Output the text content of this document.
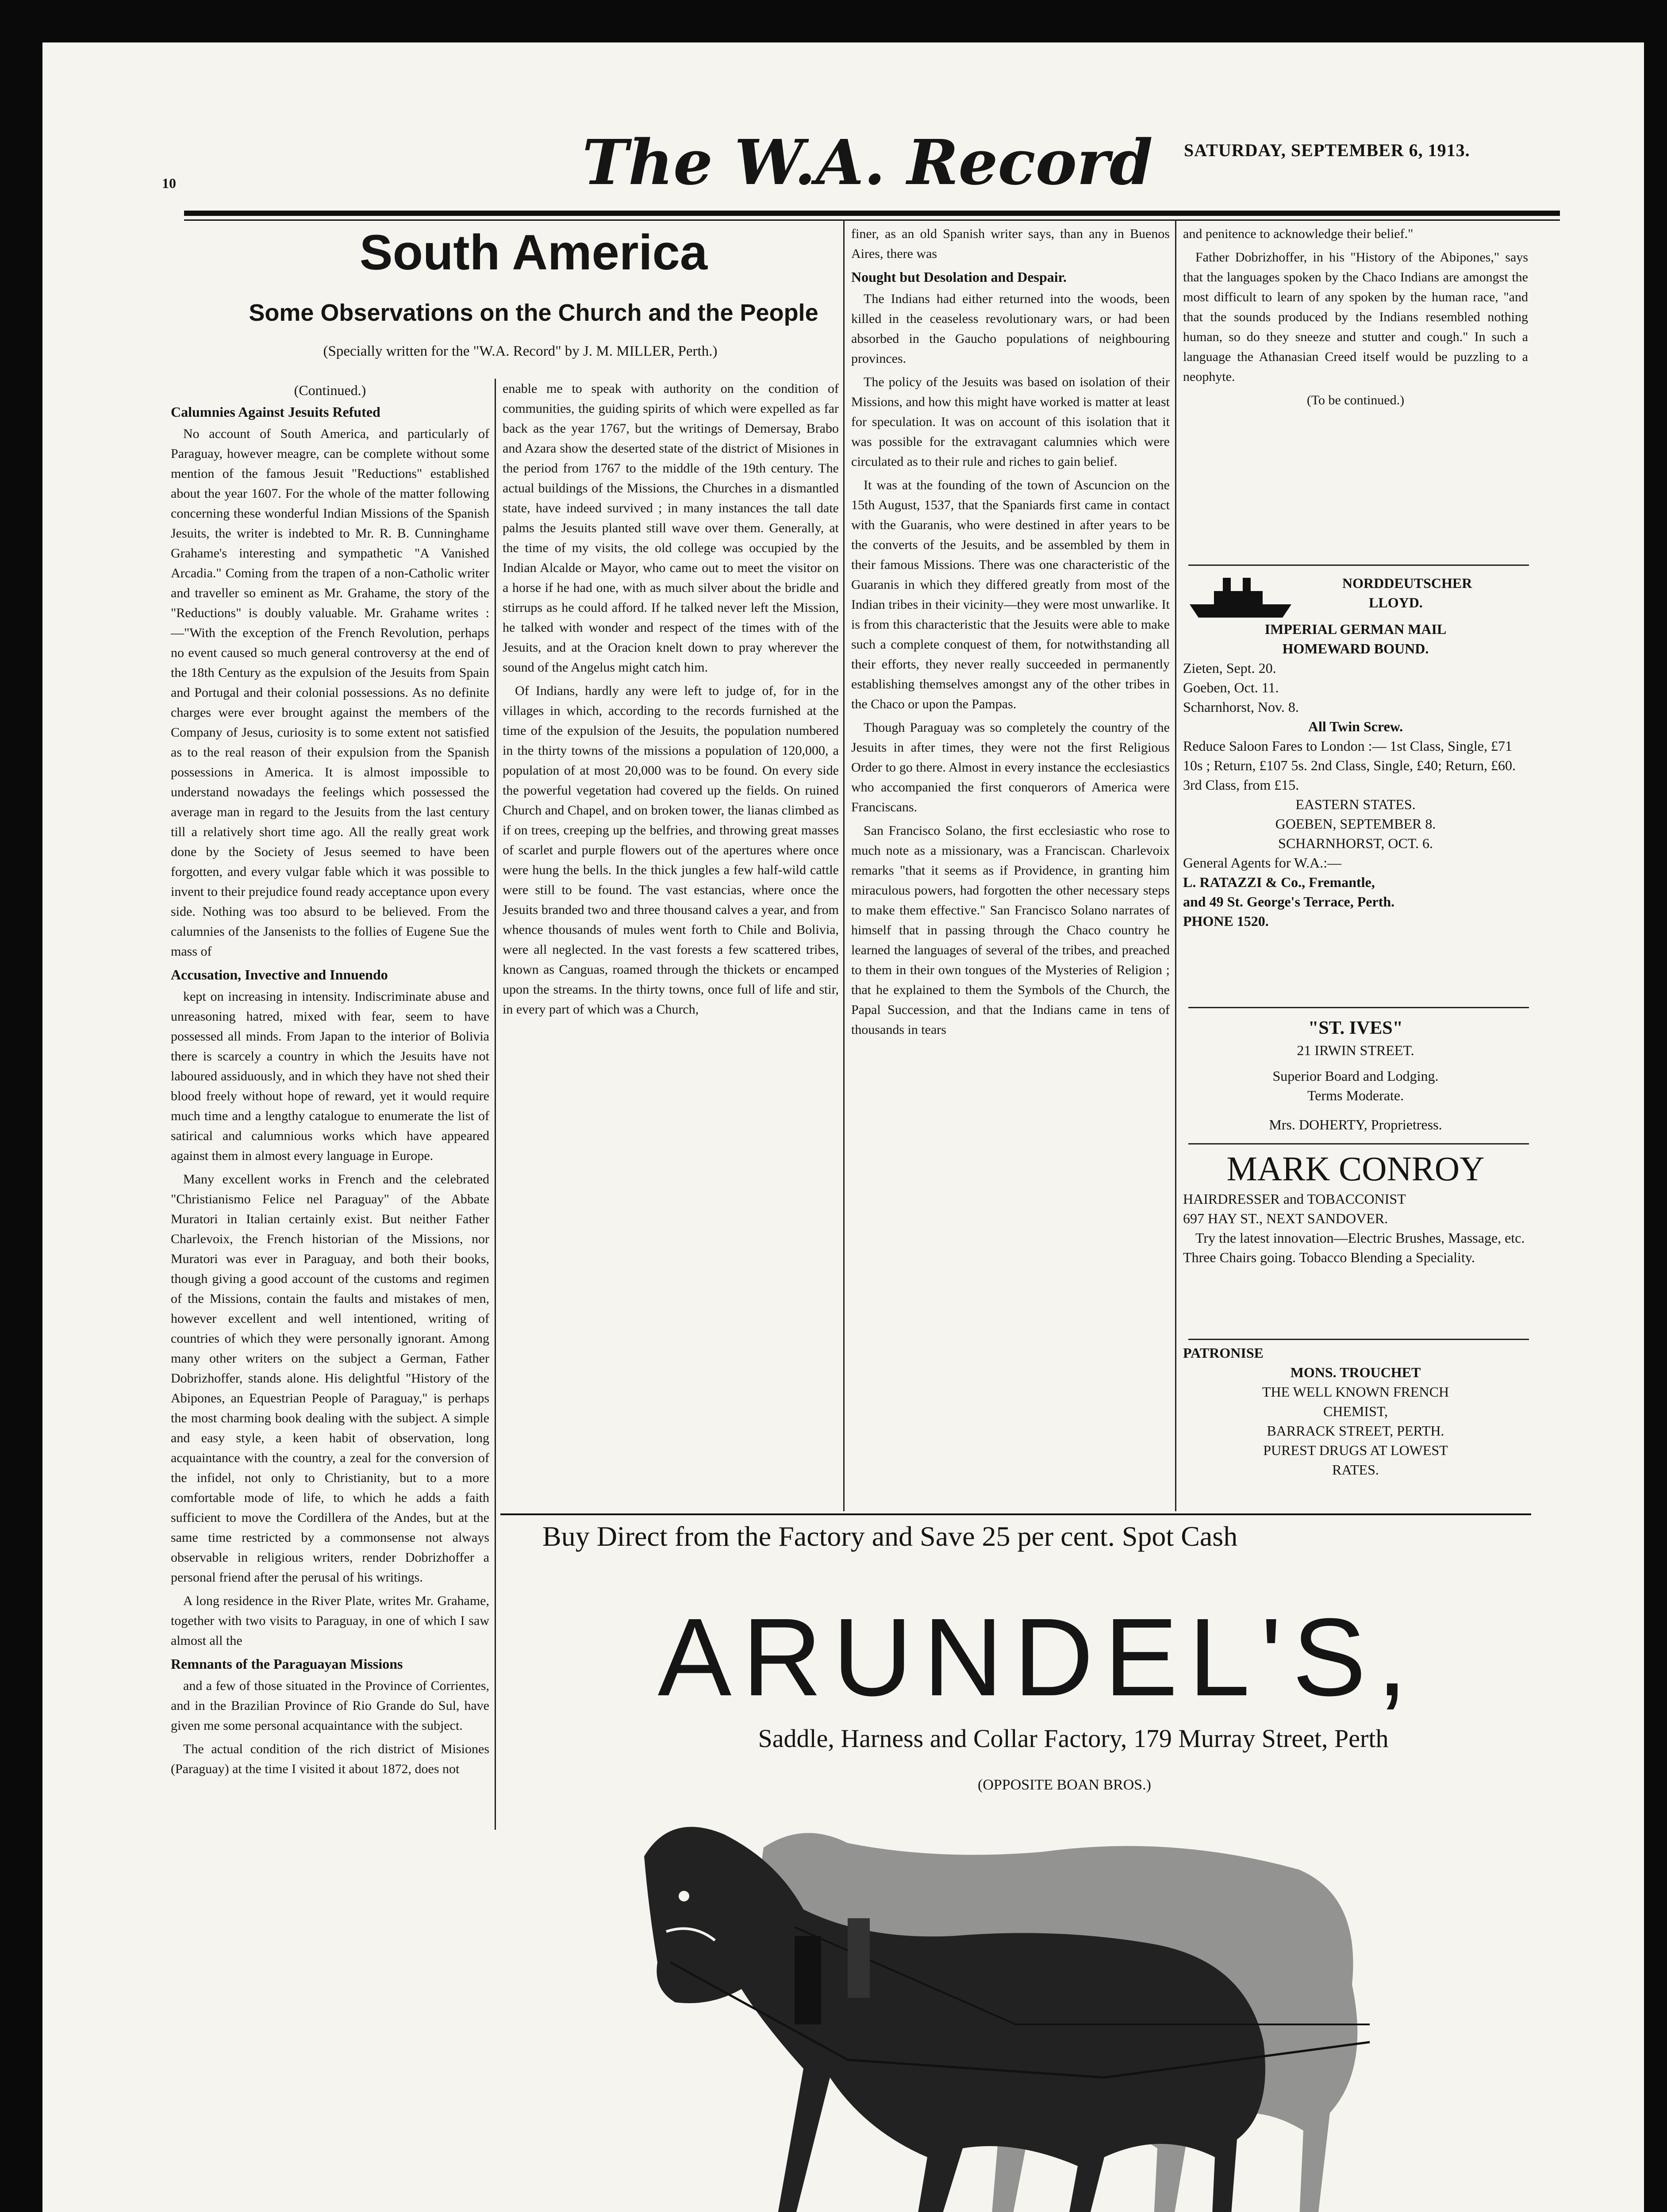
10	The W.A. Record SATURDAY, SEPTEMBER 6, 1913.
South America
Some Observations on the Church and the People
(Specially written for the "W.A. Record" by J. M. MILLER, Perth.)
(Continued.)
Calumnies Against Jesuits Refuted

No account of South America, and particularly of Paraguay, however meagre, can be complete without some mention of the famous Jesuit "Reductions" established about the year 1607. For the whole of the matter following concerning these wonderful Indian Missions of the Spanish Jesuits, the writer is indebted to Mr. R. B. Cunninghame Grahame's interesting and sympathetic "A Vanished Arcadia." Coming from the trapen of a non-Catholic writer and traveller so eminent as Mr. Grahame, the story of the "Reductions" is doubly valuable. Mr. Grahame writes :—"With the exception of the French Revolution, perhaps no event caused so much general controversy at the end of the 18th Century as the expulsion of the Jesuits from Spain and Portugal and their colonial possessions. As no definite charges were ever brought against the members of the Company of Jesus, curiosity is to some extent not satisfied as to the real reason of their expulsion from the Spanish possessions in America. It is almost impossible to understand nowadays the feelings which possessed the average man in regard to the Jesuits from the last century till a relatively short time ago. All the really great work done by the Society of Jesus seemed to have been forgotten, and every vulgar fable which it was possible to invent to their prejudice found ready acceptance upon every side. Nothing was too absurd to be believed. From the calumnies of the Jansenists to the follies of Eugene Sue the mass of

Accusation, Invective and Innuendo

kept on increasing in intensity. Indiscriminate abuse and unreasoning hatred, mixed with fear, seem to have possessed all minds. From Japan to the interior of Bolivia there is scarcely a country in which the Jesuits have not laboured assiduously, and in which they have not shed their blood freely without hope of reward, yet it would require much time and a lengthy catalogue to enumerate the list of satirical and calumnious works which have appeared against them in almost every language in Europe.

Many excellent works in French and the celebrated "Christianismo Felice nel Paraguay" of the Abbate Muratori in Italian certainly exist. But neither Father Charlevoix, the French historian of the Missions, nor Muratori was ever in Paraguay, and both their books, though giving a good account of the customs and regimen of the Missions, contain the faults and mistakes of men, however excellent and well intentioned, writing of countries of which they were personally ignorant. Among many other writers on the subject a German, Father Dobrizhoffer, stands alone. His delightful "History of the Abipones, an Equestrian People of Paraguay," is perhaps the most charming book dealing with the subject. A simple and easy style, a keen habit of observation, long acquaintance with the country, a zeal for the conversion of the infidel, not only to Christianity, but to a more comfortable mode of life, to which he adds a faith sufficient to move the Cordillera of the Andes, but at the same time restricted by a commonsense not always observable in religious writers, render Dobrizhoffer a personal friend after the perusal of his writings.

A long residence in the River Plate, writes Mr. Grahame, together with two visits to Paraguay, in one of which I saw almost all the

Remnants of the Paraguayan Missions

and a few of those situated in the Province of Corrientes, and in the Brazilian Province of Rio Grande do Sul, have given me some personal acquaintance with the subject.

The actual condition of the rich district of Misiones (Paraguay) at the time I visited it about 1872, does not

enable me to speak with authority on the condition of communities, the guiding spirits of which were expelled as far back as the year 1767, but the writings of Demersay, Brabo and Azara show the deserted state of the district of Misiones in the period from 1767 to the middle of the 19th century. The actual buildings of the Missions, the Churches in a dismantled state, have indeed survived ; in many instances the tall date palms the Jesuits planted still wave over them. Generally, at the time of my visits, the old college was occupied by the Indian Alcalde or Mayor, who came out to meet the visitor on a horse if he had one, with as much silver about the bridle and stirrups as he could afford. If he talked never left the Mission, he talked with wonder and respect of the times with of the Jesuits, and at the Oracion knelt down to pray wherever the sound of the Angelus might catch him.

Of Indians, hardly any were left to judge of, for in the villages in which, according to the records furnished at the time of the expulsion of the Jesuits, the population numbered in the thirty towns of the missions a population of 120,000, a population of at most 20,000 was to be found. On every side the powerful vegetation had covered up the fields. On ruined Church and Chapel, and on broken tower, the lianas climbed as if on trees, creeping up the belfries, and throwing great masses of scarlet and purple flowers out of the apertures where once were hung the bells. In the thick jungles a few half-wild cattle were still to be found. The vast estancias, where once the Jesuits branded two and three thousand calves a year, and from whence thousands of mules went forth to Chile and Bolivia, were all neglected. In the vast forests a few scattered tribes, known as Canguas, roamed through the thickets or encamped upon the streams. In the thirty towns, once full of life and stir, in every part of which was a Church,

finer, as an old Spanish writer says, than any in Buenos Aires, there was

Nought but Desolation and Despair.

The Indians had either returned into the woods, been killed in the ceaseless revolutionary wars, or had been absorbed in the Gaucho populations of neighbouring provinces.

The policy of the Jesuits was based on isolation of their Missions, and how this might have worked is matter at least for speculation. It was on account of this isolation that it was possible for the extravagant calumnies which were circulated as to their rule and riches to gain belief.

It was at the founding of the town of Ascuncion on the 15th August, 1537, that the Spaniards first came in contact with the Guaranis, who were destined in after years to be the converts of the Jesuits, and be assembled by them in their famous Missions. There was one characteristic of the Guaranis in which they differed greatly from most of the Indian tribes in their vicinity—they were most unwarlike. It is from this characteristic that the Jesuits were able to make such a complete conquest of them, for notwithstanding all their efforts, they never really succeeded in permanently establishing themselves amongst any of the other tribes in the Chaco or upon the Pampas.

Though Paraguay was so completely the country of the Jesuits in after times, they were not the first Religious Order to go there. Almost in every instance the ecclesiastics who accompanied the first conquerors of America were Franciscans.

San Francisco Solano, the first ecclesiastic who rose to much note as a missionary, was a Franciscan. Charlevoix remarks "that it seems as if Providence, in granting him miraculous powers, had forgotten the other necessary steps to make them effective." San Francisco Solano narrates of himself that in passing through the Chaco country he learned the languages of several of the tribes, and preached to them in their own tongues of the Mysteries of Religion ; that he explained to them the Symbols of the Church, the Papal Succession, and that the Indians came in tens of thousands in tears

and penitence to acknowledge their belief."

Father Dobrizhoffer, in his "History of the Abipones," says that the languages spoken by the Chaco Indians are amongst the most difficult to learn of any spoken by the human race, "and that the sounds produced by the Indians resembled nothing human, so do they sneeze and stutter and cough." In such a language the Athanasian Creed itself would be puzzling to a neophyte.

(To be continued.)

NORDDEUTSCHER

LLOYD.

IMPERIAL GERMAN MAIL

HOMEWARD BOUND.

Zieten, Sept. 20.

Goeben, Oct. 11.

Scharnhorst, Nov. 8.

All Twin Screw.

Reduce Saloon Fares to London :— 1st Class, Single, £71 10s ; Return, £107 5s. 2nd Class, Single, £40; Return, £60. 3rd Class, from £15.

EASTERN STATES.

GOEBEN, SEPTEMBER 8.

SCHARNHORST, OCT. 6.

General Agents for W.A.:—

L. RATAZZI & Co., Fremantle,

and 49 St. George's Terrace, Perth.

PHONE 1520.

"ST. IVES"

21 IRWIN STREET.

Superior Board and Lodging.

Terms Moderate.

Mrs. DOHERTY, Proprietress.

MARK CONROY

HAIRDRESSER and TOBACCONIST

697 HAY ST., NEXT SANDOVER.

Try the latest innovation—Electric Brushes, Massage, etc. Three Chairs going. Tobacco Blending a Speciality.

PATRONISE

MONS. TROUCHET

THE WELL KNOWN FRENCH

CHEMIST,

BARRACK STREET, PERTH.

PUREST DRUGS AT LOWEST

RATES.

Buy Direct from the Factory and Save 25 per cent. Spot Cash
ARUNDEL'S,
Saddle, Harness and Collar Factory, 179 Murray Street, Perth
(OPPOSITE BOAN BROS.)
